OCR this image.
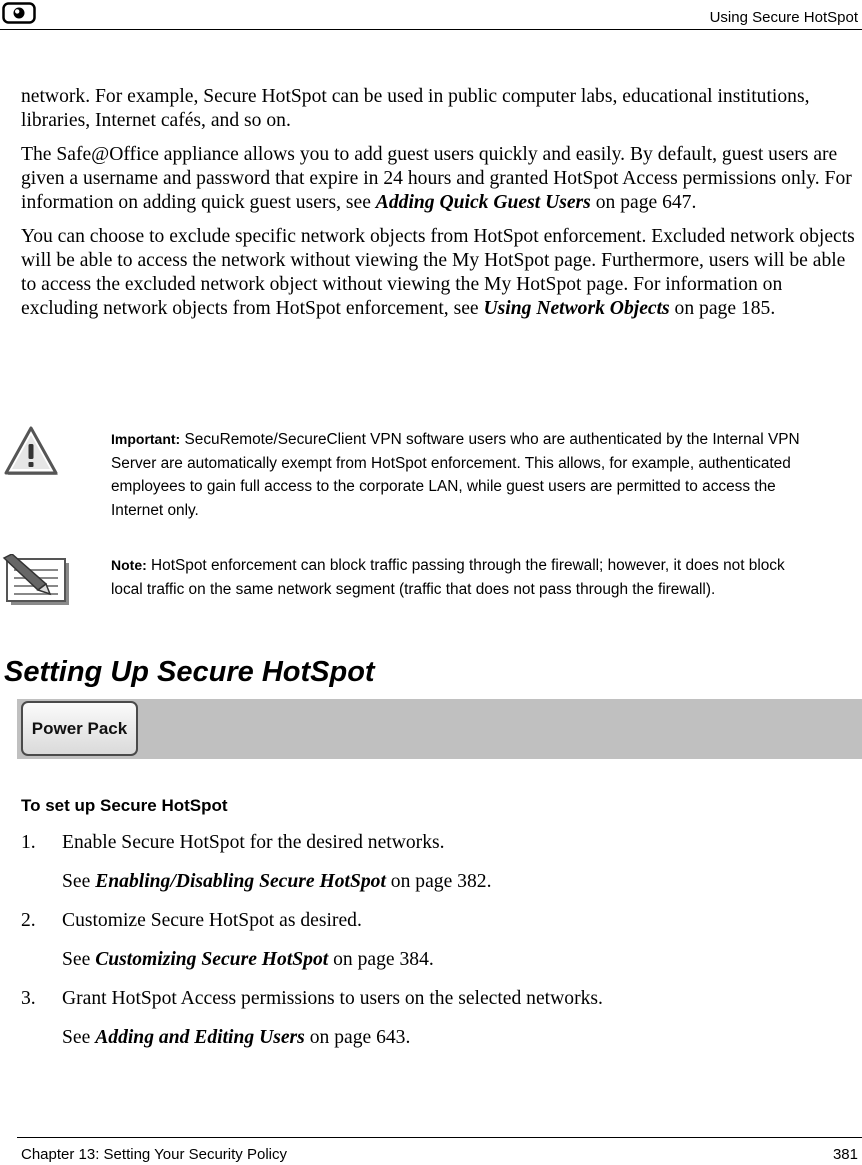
Using Secure HotSpot

network. For example, Secure HotSpot can be used in public computer labs, educational institutions, libraries, Internet cafés, and so on.

The Safe@Office appliance allows you to add guest users quickly and easily. By default, guest users are given a username and password that expire in 24 hours and granted HotSpot Access permissions only. For information on adding quick guest users, see Adding Quick Guest Users on page 647.

You can choose to exclude specific network objects from HotSpot enforcement. Excluded network objects will be able to access the network without viewing the My HotSpot page. Furthermore, users will be able to access the excluded network object without viewing the My HotSpot page. For information on excluding network objects from HotSpot enforcement, see Using Network Objects on page 185.

Important: SecuRemote/SecureClient VPN software users who are authenticated by the Internal VPN Server are automatically exempt from HotSpot enforcement. This allows, for example, authenticated employees to gain full access to the corporate LAN, while guest users are permitted to access the Internet only.
Note: HotSpot enforcement can block traffic passing through the firewall; however, it does not block local traffic on the same network segment (traffic that does not pass through the firewall).
Setting Up Secure HotSpot
Power Pack
To set up Secure HotSpot
1. Enable Secure HotSpot for the desired networks.
See Enabling/Disabling Secure HotSpot on page 382.
2. Customize Secure HotSpot as desired.
See Customizing Secure HotSpot on page 384.
3. Grant HotSpot Access permissions to users on the selected networks.
See Adding and Editing Users on page 643.
Chapter 13: Setting Your Security Policy	381
